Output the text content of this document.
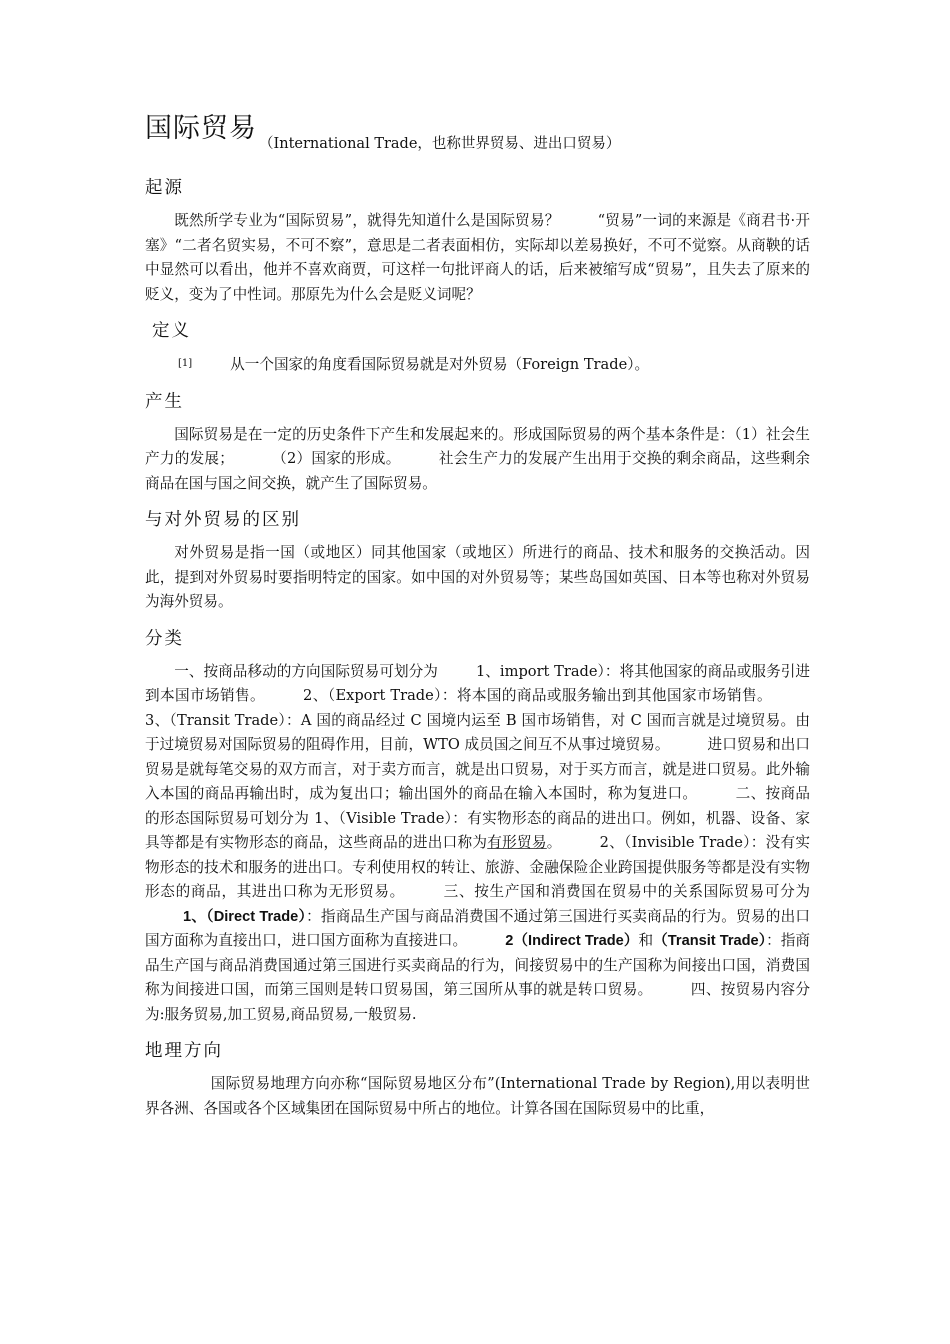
国际贸易 （International Trade，也称世界贸易、进出口贸易）
起源

既然所学专业为“国际贸易”，就得先知道什么是国际贸易？	“贸易”一词的来源是《商君书·开塞》“二者名贸实易，不可不察”，意思是二者表面相仿，实际却以差易换好，不可不觉察。从商鞅的话中显然可以看出，他并不喜欢商贾，可这样一句批评商人的话，后来被缩写成“贸易”，且失去了原来的贬义，变为了中性词。那原先为什么会是贬义词呢？

定义
[1]	从一个国家的角度看国际贸易就是对外贸易（Foreign Trade）。
产生

国际贸易是在一定的历史条件下产生和发展起来的。形成国际贸易的两个基本条件是：（1）社会生产力的发展；	（2）国家的形成。	社会生产力的发展产生出用于交换的剩余商品，这些剩余商品在国与国之间交换，就产生了国际贸易。

与对外贸易的区别

对外贸易是指一国（或地区）同其他国家（或地区）所进行的商品、技术和服务的交换活动。因此，提到对外贸易时要指明特定的国家。如中国的对外贸易等；某些岛国如英国、日本等也称对外贸易为海外贸易。

分类

一、按商品移动的方向国际贸易可划分为	1、import Trade）：将其他国家的商品或服务引进到本国市场销售。	2、（Export Trade）：将本国的商品或服务输出到其他国家市场销售。3、（Transit Trade）：A 国的商品经过 C 国境内运至 B 国市场销售，对 C 国而言就是过境贸易。由于过境贸易对国际贸易的阻碍作用，目前，WTO 成员国之间互不从事过境贸易。	进口贸易和出口贸易是就每笔交易的双方而言，对于卖方而言，就是出口贸易，对于买方而言，就是进口贸易。此外输入本国的商品再输出时，成为复出口；输出国外的商品在输入本国时，称为复进口。	二、按商品的形态国际贸易可划分为 1、（Visible Trade）：有实物形态的商品的进出口。例如，机器、设备、家具等都是有实物形态的商品，这些商品的进出口称为有形贸易。	2、（Invisible Trade）：没有实物形态的技术和服务的进出口。专利使用权的转让、旅游、金融保险企业跨国提供服务等都是没有实物形态的商品，其进出口称为无形贸易。	三、按生产国和消费国在贸易中的关系国际贸易可分为1、（Direct Trade）：指商品生产国与商品消费国不通过第三国进行买卖商品的行为。贸易的出口国方面称为直接出口，进口国方面称为直接进口。	2（Indirect Trade）和（Transit Trade）：指商品生产国与商品消费国通过第三国进行买卖商品的行为，间接贸易中的生产国称为间接出口国，消费国称为间接进口国，而第三国则是转口贸易国，第三国所从事的就是转口贸易。	四、按贸易内容分为:服务贸易,加工贸易,商品贸易,一般贸易.

地理方向

国际贸易地理方向亦称“国际贸易地区分布”(International Trade by Region),用以表明世界各洲、各国或各个区域集团在国际贸易中所占的地位。计算各国在国际贸易中的比重，
